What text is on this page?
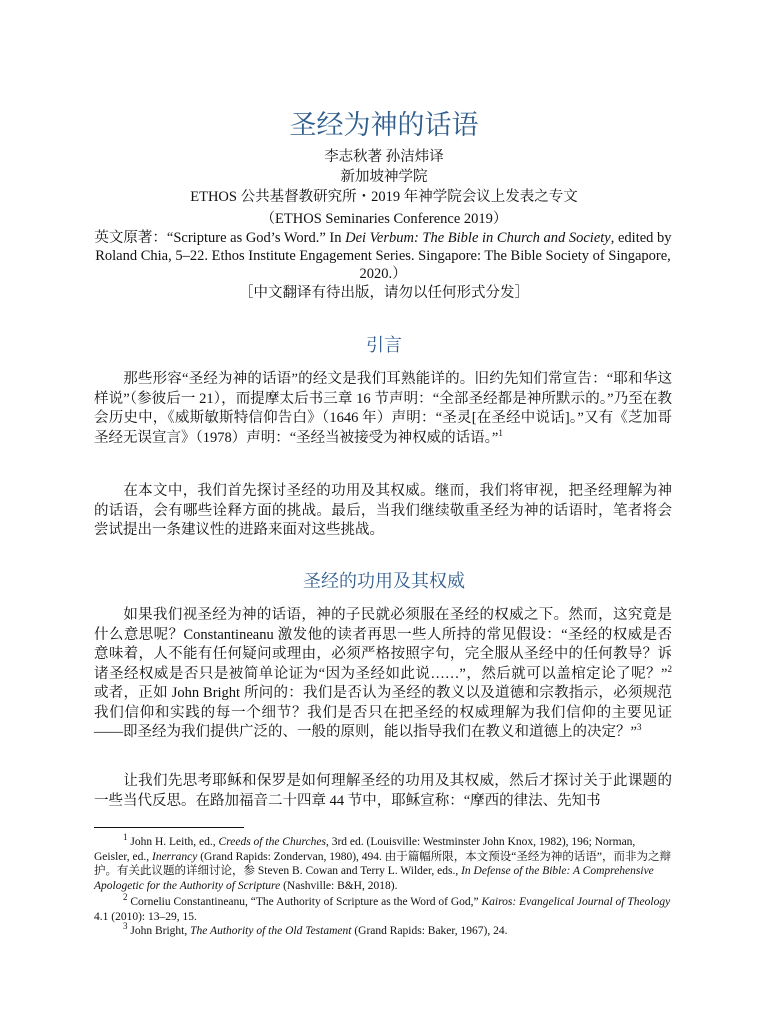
圣经为神的话语
李志秋著 孙洁炜译
新加坡神学院
ETHOS 公共基督教研究所・2019 年神学院会议上发表之专文
（ETHOS Seminaries Conference 2019）
英文原著：“Scripture as God’s Word.” In Dei Verbum: The Bible in Church and Society, edited by Roland Chia, 5–22. Ethos Institute Engagement Series. Singapore: The Bible Society of Singapore, 2020.）
［中文翻译有待出版，请勿以任何形式分发］
引言
那些形容“圣经为神的话语”的经文是我们耳熟能详的。旧约先知们常宣告：“耶和华这样说”（参彼后一 21），而提摩太后书三章 16 节声明：“全部圣经都是神所默示的。”乃至在教会历史中，《威斯敏斯特信仰告白》（1646 年）声明：“圣灵[在圣经中说话]。”又有《芝加哥圣经无误宣言》（1978）声明：“圣经当被接受为神权威的话语。”$^1$
在本文中，我们首先探讨圣经的功用及其权威。继而，我们将审视，把圣经理解为神的话语，会有哪些诠释方面的挑战。最后，当我们继续敬重圣经为神的话语时，笔者将会尝试提出一条建议性的进路来面对这些挑战。
圣经的功用及其权威
如果我们视圣经为神的话语，神的子民就必须服在圣经的权威之下。然而，这究竟是什么意思呢？Constantineanu 激发他的读者再思一些人所持的常见假设：“圣经的权威是否意味着，人不能有任何疑问或理由，必须严格按照字句，完全服从圣经中的任何教导？诉诸圣经权威是否只是被简单论证为“因为圣经如此说……”，然后就可以盖棺定论了呢？”$^2$ 或者，正如 John Bright 所问的：我们是否认为圣经的教义以及道德和宗教指示，必须规范我们信仰和实践的每一个细节？我们是否只在把圣经的权威理解为我们信仰的主要见证——即圣经为我们提供广泛的、一般的原则，能以指导我们在教义和道德上的决定？”$^3$
让我们先思考耶稣和保罗是如何理解圣经的功用及其权威，然后才探讨关于此课题的一些当代反思。在路加福音二十四章 44 节中，耶稣宣称：“摩西的律法、先知书
$^1$ John H. Leith, ed., Creeds of the Churches, 3rd ed. (Louisville: Westminster John Knox, 1982), 196; Norman, Geisler, ed., Inerrancy (Grand Rapids: Zondervan, 1980), 494. 由于篇幅所限，本文预设“圣经为神的话语”，而非为之辩护。有关此议题的详细讨论，参 Steven B. Cowan and Terry L. Wilder, eds., In Defense of the Bible: A Comprehensive Apologetic for the Authority of Scripture (Nashville: B&H, 2018).
$^2$ Corneliu Constantineanu, “The Authority of Scripture as the Word of God,” Kairos: Evangelical Journal of Theology 4.1 (2010): 13–29, 15.
$^3$ John Bright, The Authority of the Old Testament (Grand Rapids: Baker, 1967), 24.
